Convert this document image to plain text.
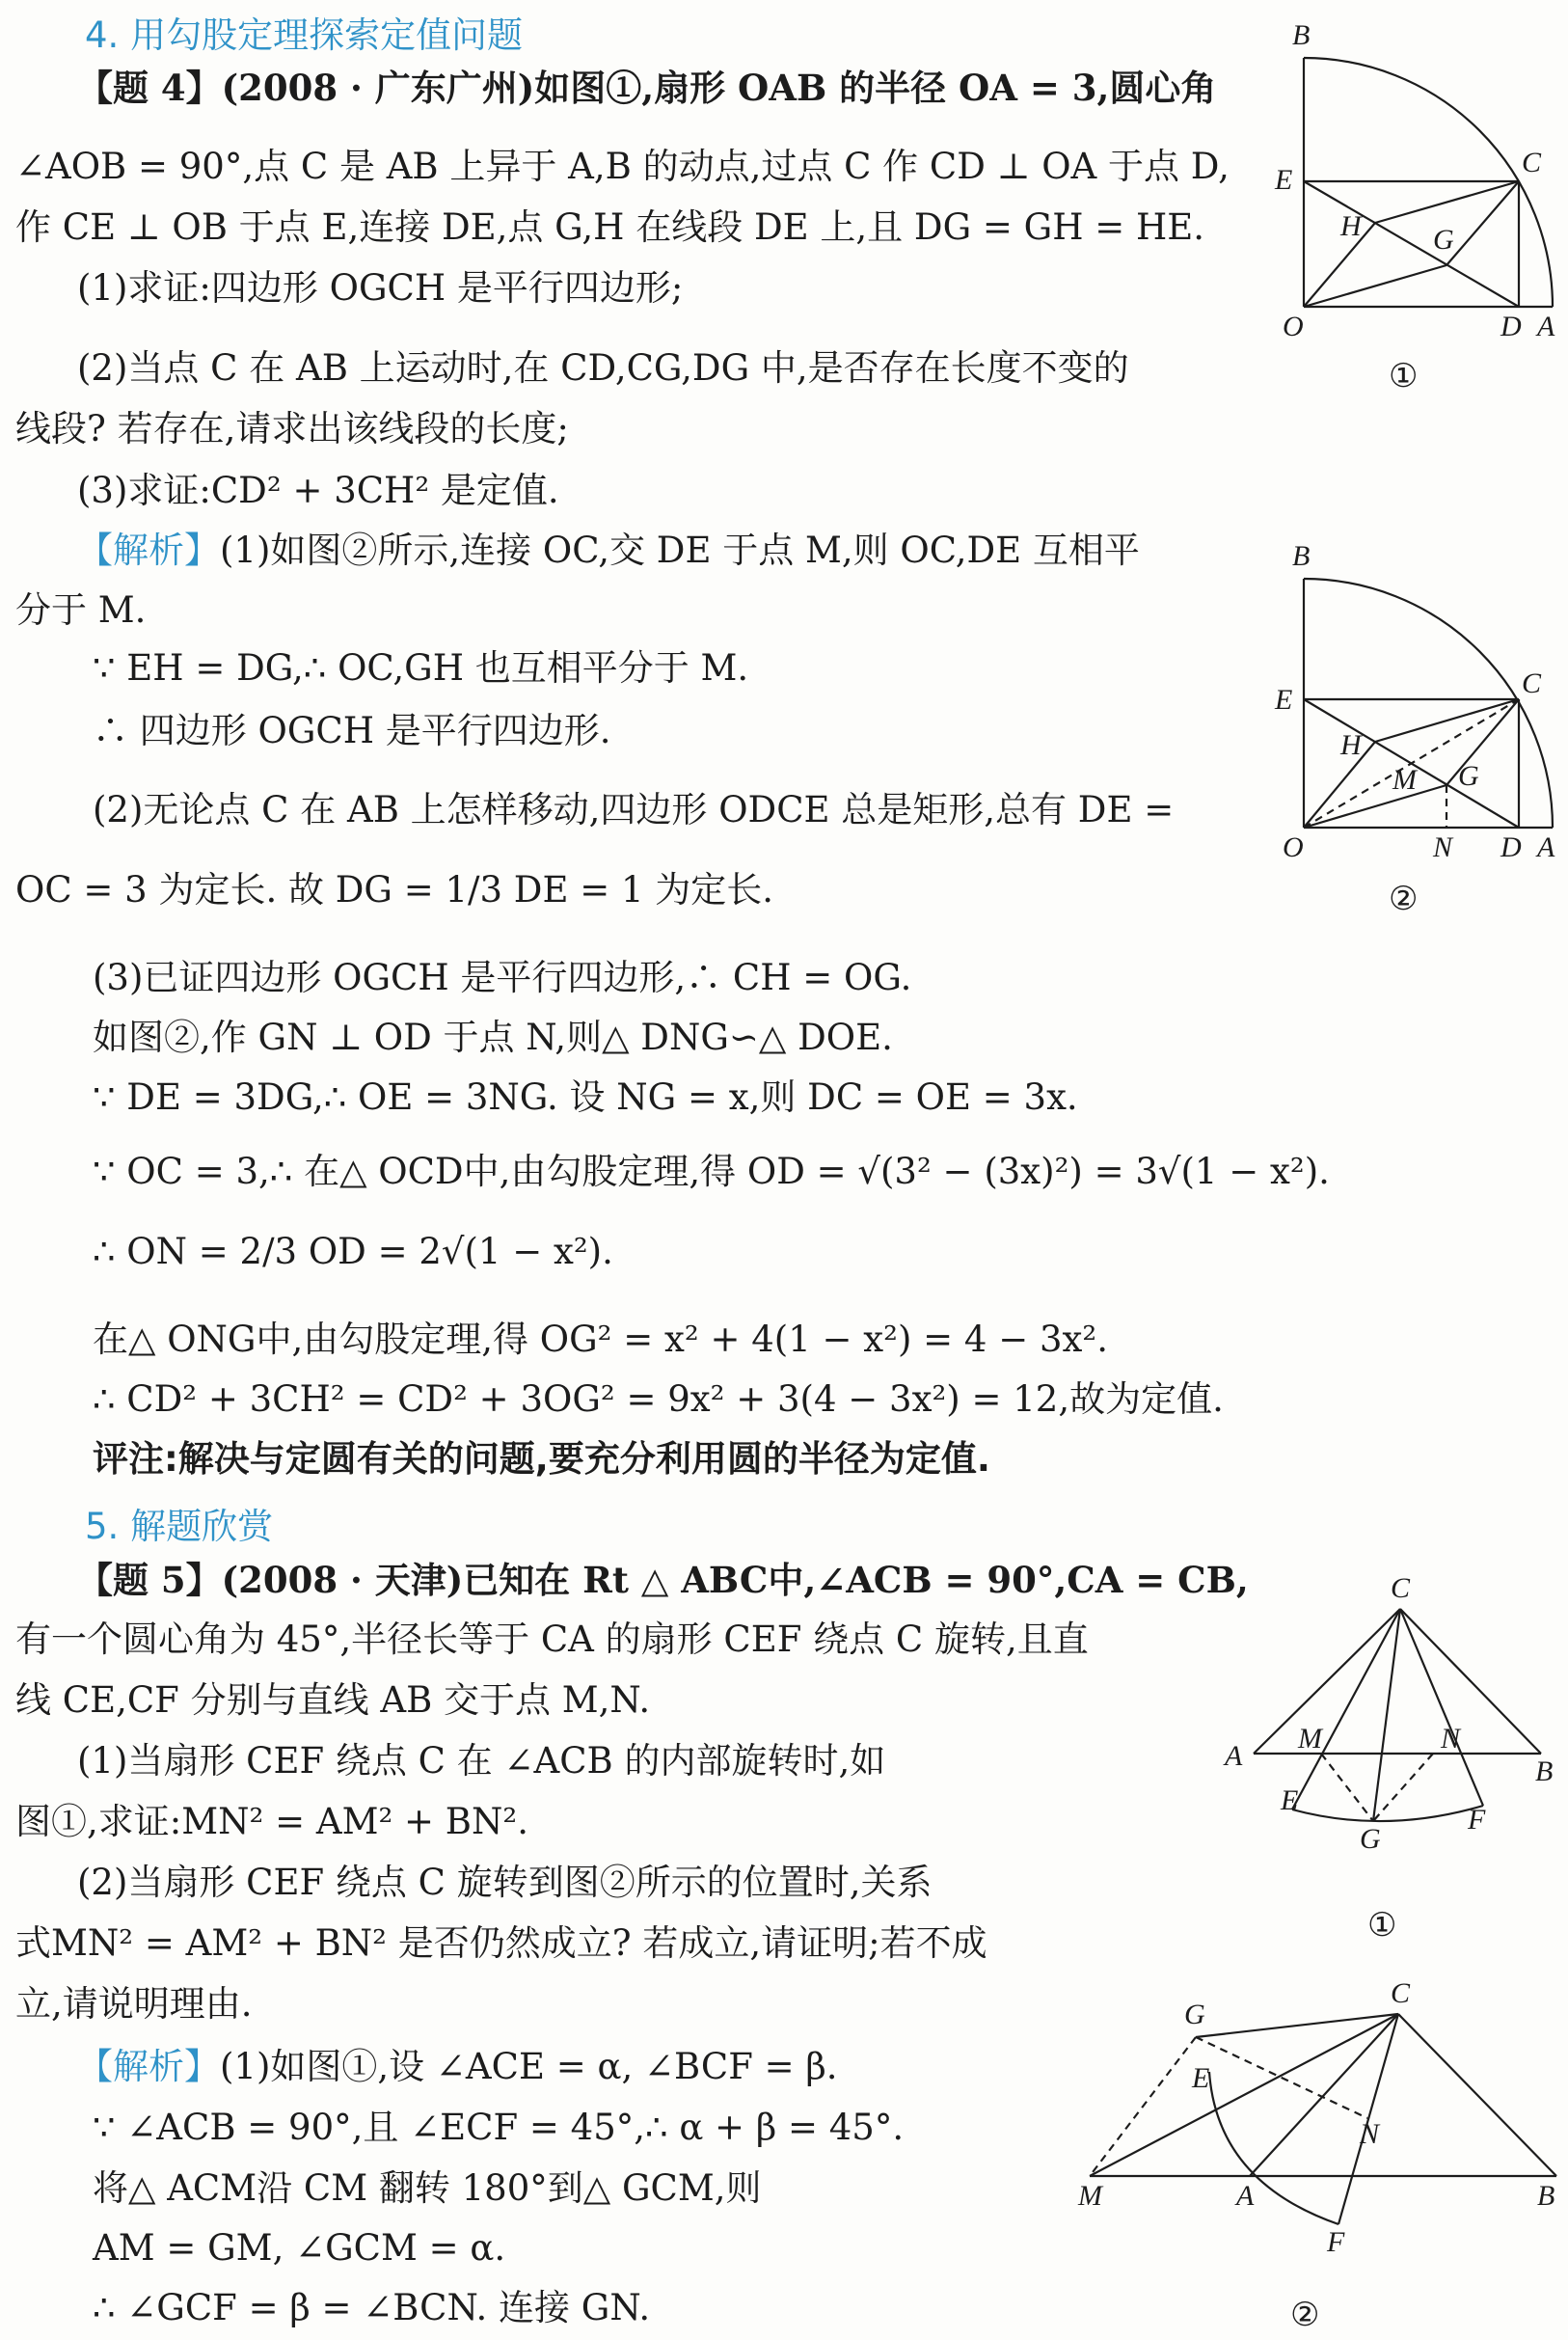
4. 用勾股定理探索定值问题
【题 4】(2008 · 广东广州)如图①,扇形 OAB 的半径 OA = 3,圆心角
∠AOB = 90°,点 C 是 AB 上异于 A,B 的动点,过点 C 作 CD ⊥ OA 于点 D,
作 CE ⊥ OB 于点 E,连接 DE,点 G,H 在线段 DE 上,且 DG = GH = HE.
(1)求证:四边形 OGCH 是平行四边形;
(2)当点 C 在 AB 上运动时,在 CD,CG,DG 中,是否存在长度不变的
线段? 若存在,请求出该线段的长度;
(3)求证:CD² + 3CH² 是定值.
【解析】(1)如图②所示,连接 OC,交 DE 于点 M,则 OC,DE 互相平
分于 M.
∵ EH = DG,∴ OC,GH 也互相平分于 M.
∴ 四边形 OGCH 是平行四边形.
(2)无论点 C 在 AB 上怎样移动,四边形 ODCE 总是矩形,总有 DE =
OC = 3 为定长. 故 DG = 1/3 DE = 1 为定长.
(3)已证四边形 OGCH 是平行四边形,∴ CH = OG.
如图②,作 GN ⊥ OD 于点 N,则△ DNG∽△ DOE.
∵ DE = 3DG,∴ OE = 3NG. 设 NG = x,则 DC = OE = 3x.
∵ OC = 3,∴ 在△ OCD中,由勾股定理,得 OD = √(3² − (3x)²) = 3√(1 − x²).
∴ ON = 2/3 OD = 2√(1 − x²).
在△ ONG中,由勾股定理,得 OG² = x² + 4(1 − x²) = 4 − 3x².
∴ CD² + 3CH² = CD² + 3OG² = 9x² + 3(4 − 3x²) = 12,故为定值.
评注:解决与定圆有关的问题,要充分利用圆的半径为定值.
5. 解题欣赏
【题 5】(2008 · 天津)已知在 Rt △ ABC中,∠ACB = 90°,CA = CB,
有一个圆心角为 45°,半径长等于 CA 的扇形 CEF 绕点 C 旋转,且直
线 CE,CF 分别与直线 AB 交于点 M,N.
(1)当扇形 CEF 绕点 C 在 ∠ACB 的内部旋转时,如
图①,求证:MN² = AM² + BN².
(2)当扇形 CEF 绕点 C 旋转到图②所示的位置时,关系
式MN² = AM² + BN² 是否仍然成立? 若成立,请证明;若不成
立,请说明理由.
【解析】(1)如图①,设 ∠ACE = α, ∠BCF = β.
∵ ∠ACB = 90°,且 ∠ECF = 45°,∴ α + β = 45°.
将△ ACM沿 CM 翻转 180°到△ GCM,则
AM = GM, ∠GCM = α.
∴ ∠GCF = β = ∠BCN. 连接 GN.
B
E
C
H G
O	D A
B
E
C
H
M G
O	N D A
C
A
M	N
B
E
G
F
G
C
E
N
M	A	B
F
①
②
①
②
